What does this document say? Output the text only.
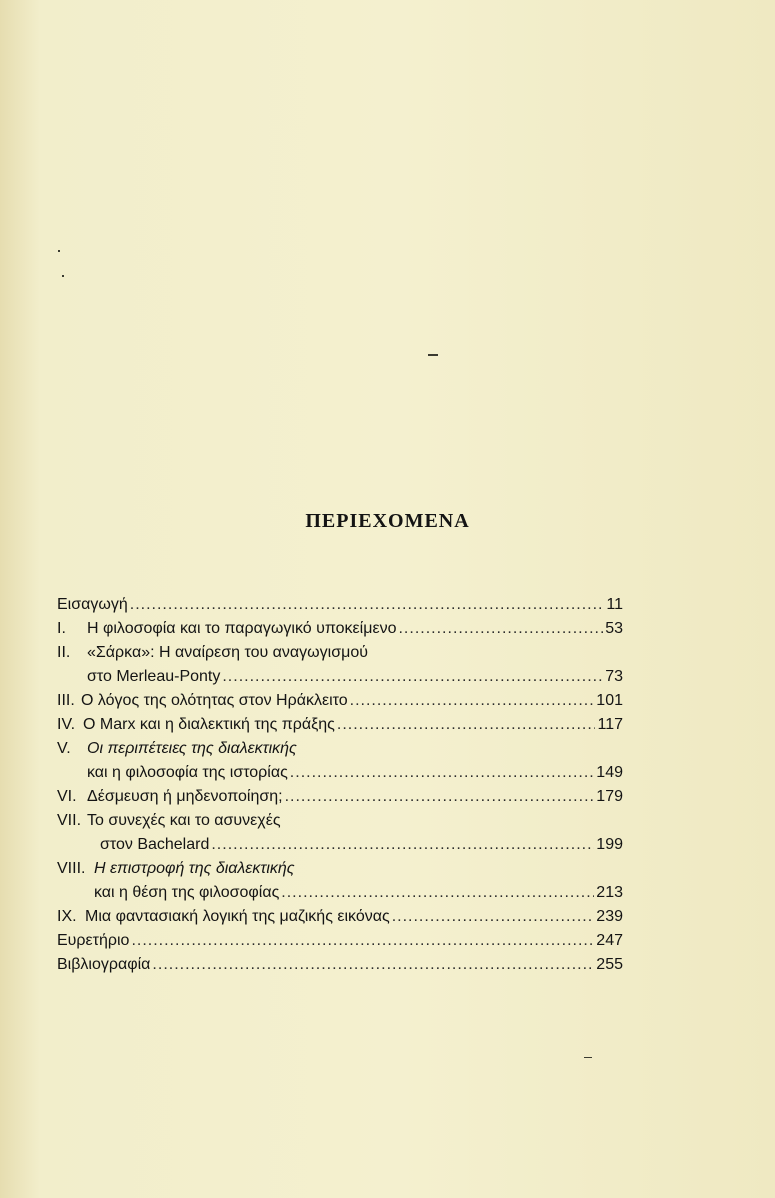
ΠΕΡΙΕΧΟΜΕΝΑ
Εισαγωγή .....	11
I. Η φιλοσοφία και το παραγωγικό υποκείμενο .....	53
II. «Σάρκα»: Η αναίρεση του αναγωγισμού
στο Merleau-Ponty .....	73
III. Ο λόγος της ολότητας στον Ηράκλειτο .....	101
IV. Ο Marx και η διαλεκτική της πράξης .....	117
V. Οι περιπέτειες της διαλεκτικής
και η φιλοσοφία της ιστορίας .....	149
VI. Δέσμευση ή μηδενοποίηση; .....	179
VII. Το συνεχές και το ασυνεχές
στον Bachelard .....	199
VIII. Η επιστροφή της διαλεκτικής
και η θέση της φιλοσοφίας .....	213
IX. Μια φαντασιακή λογική της μαζικής εικόνας .....	239
Ευρετήριο .....	247
Βιβλιογραφία .....	255
